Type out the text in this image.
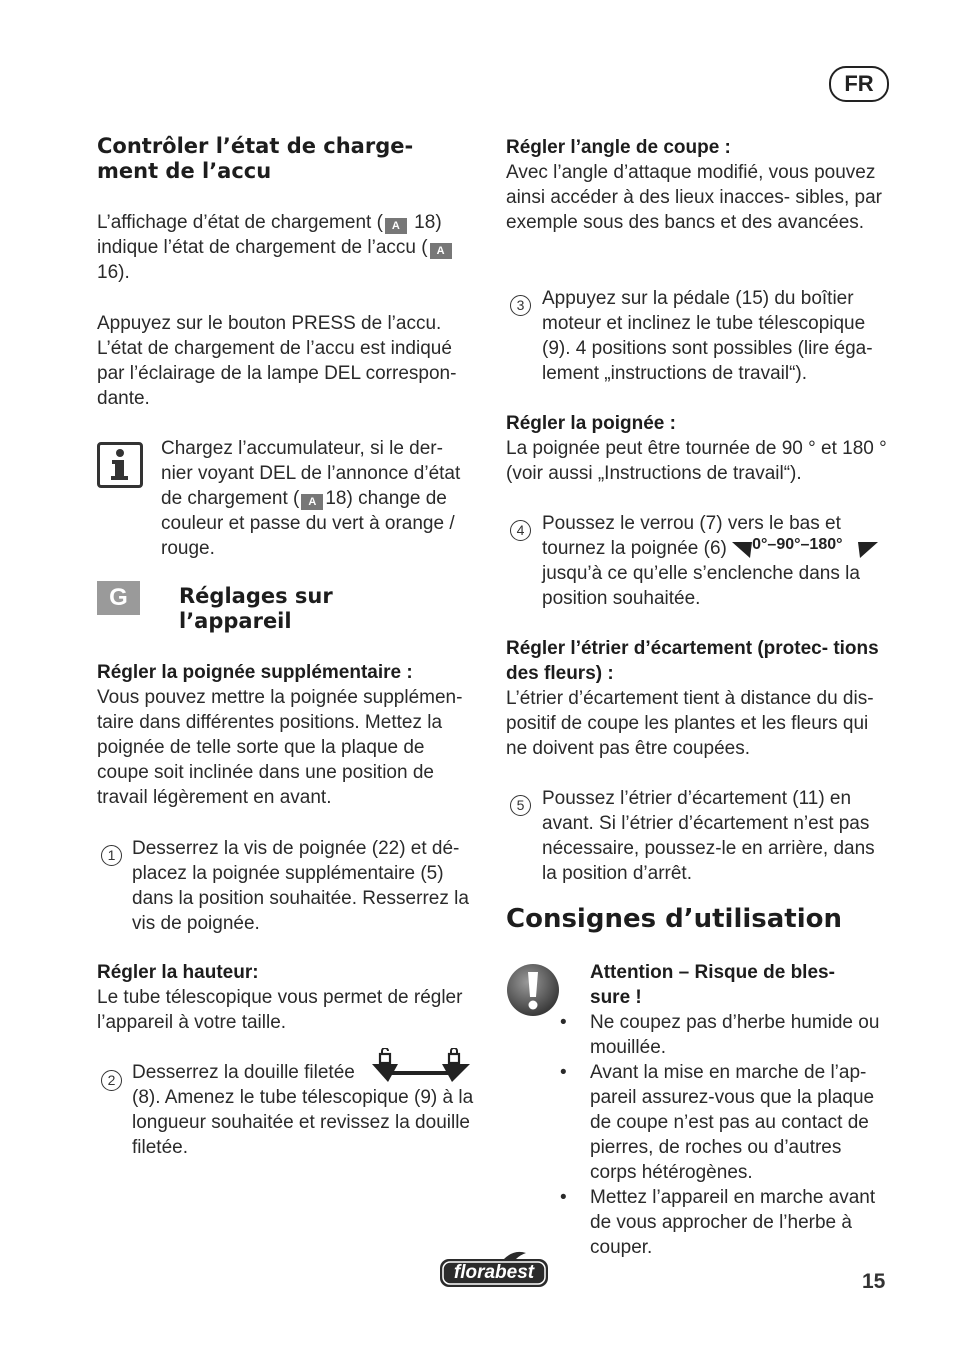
FR
Contrôler l’état de charge- ment de l’accu
L’affichage d’état de chargement ( A 18) indique l’état de chargement de l’accu ( A 16).
Appuyez sur le bouton PRESS de l’accu. L’état de chargement de l’accu est indiqué par l’éclairage de la lampe DEL correspon- dante.
Chargez l’accumulateur, si le der- nier voyant DEL de l’annonce d’état de chargement ( A 18) change de couleur et passe du vert à orange / rouge.
G	Réglages sur l’appareil
Régler la poignée supplémentaire :
Vous pouvez mettre la poignée supplémen- taire dans différentes positions. Mettez la poignée de telle sorte que la plaque de coupe soit inclinée dans une position de travail légèrement en avant.
1 Desserrez la vis de poignée (22) et dé- placez la poignée supplémentaire (5) dans la position souhaitée. Resserrez la vis de poignée.
Régler la hauteur:
Le tube télescopique vous permet de régler l’appareil à votre taille.
2 Desserrez la douille filetée
(8). Amenez le tube télescopique (9) à la longueur souhaitée et revissez la douille filetée.
Régler l’angle de coupe :
Avec l’angle d’attaque modifié, vous pouvez ainsi accéder à des lieux inacces- sibles, par exemple sous des bancs et des avancées.
3 Appuyez sur la pédale (15) du boîtier moteur et inclinez le tube télescopique (9). 4 positions sont possibles (lire éga- lement „instructions de travail“).
Régler la poignée :
La poignée peut être tournée de 90 ° et 180 ° (voir aussi „Instructions de travail“).
4 Poussez le verrou (7) vers le bas et tournez la poignée (6) 0°–90°–180°
jusqu’à ce qu’elle s’enclenche dans la position souhaitée.
Régler l’étrier d’écartement (protec- tions des fleurs) :
L’étrier d’écartement tient à distance du dis- positif de coupe les plantes et les fleurs qui ne doivent pas être coupées.
5 Poussez l’étrier d’écartement (11) en avant. Si l’étrier d’écartement n’est pas nécessaire, poussez-le en arrière, dans la position d’arrêt.
Consignes d’utilisation
Attention – Risque de bles- sure !
• Ne coupez pas d’herbe humide ou mouillée.
• Avant la mise en marche de l’ap- pareil assurez-vous que la plaque de coupe n’est pas au contact de pierres, de roches ou d’autres corps hétérogènes.
• Mettez l’appareil en marche avant de vous approcher de l’herbe à couper.
florabest	15
